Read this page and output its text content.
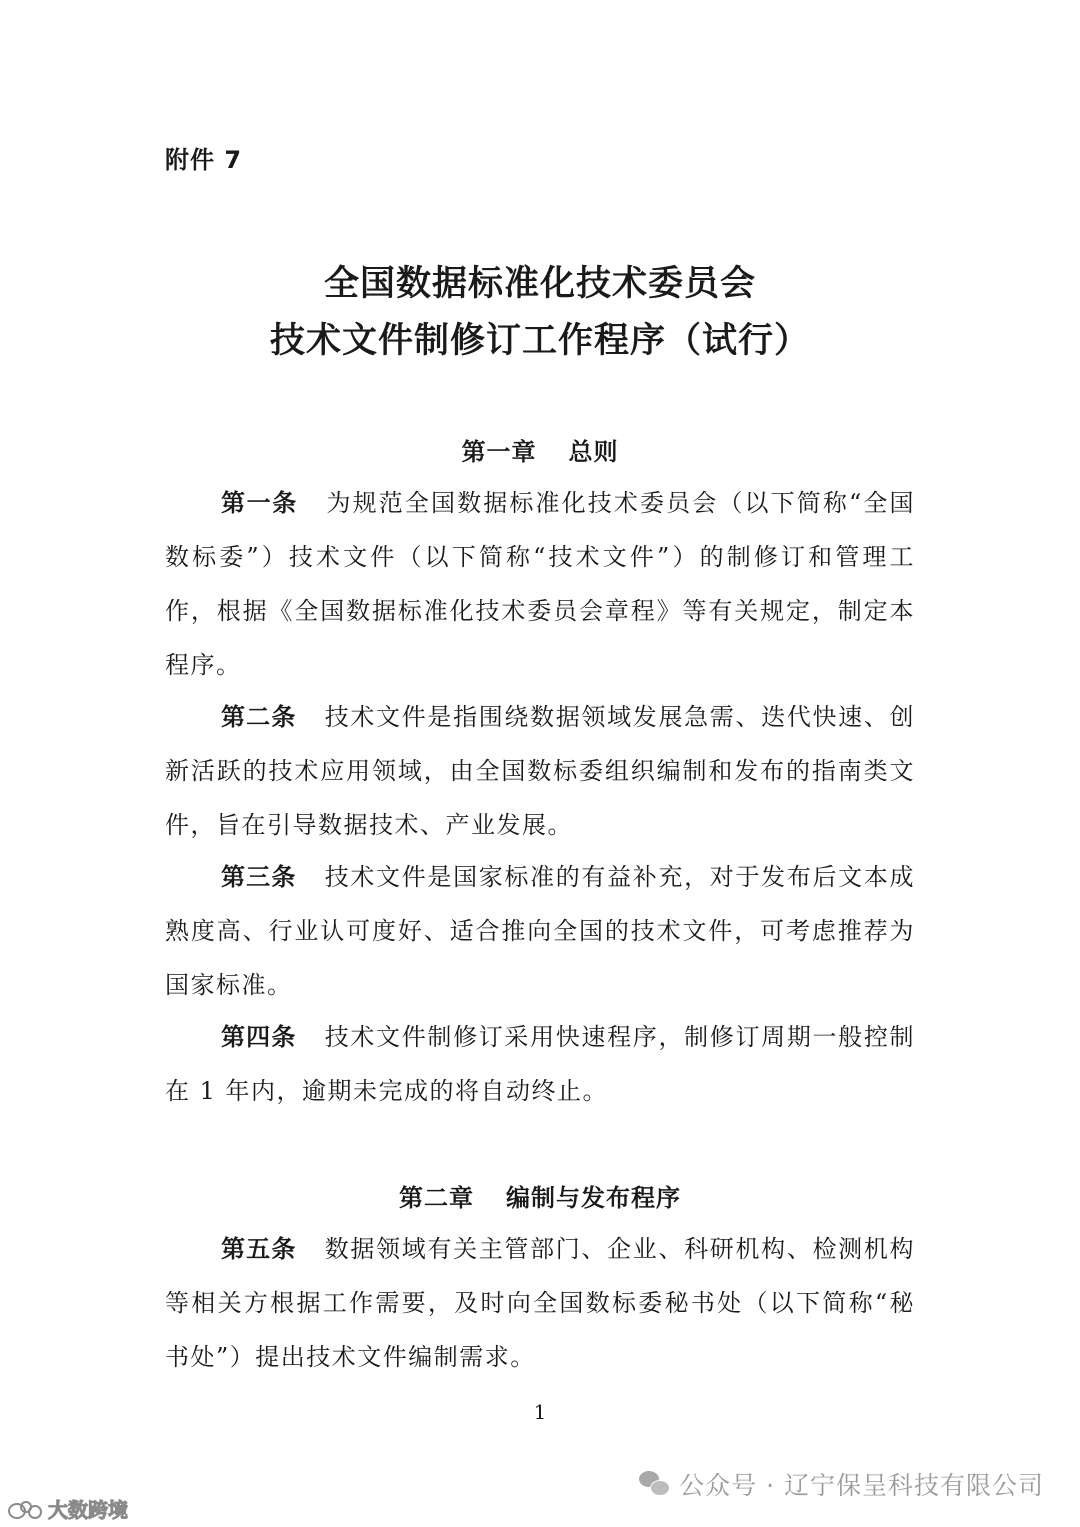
附件 7
全国数据标准化技术委员会
技术文件制修订工作程序（试行）
第一章 总则

第一条 为规范全国数据标准化技术委员会（以下简称“全国数标委”）技术文件（以下简称“技术文件”）的制修订和管理工作，根据《全国数据标准化技术委员会章程》等有关规定，制定本程序。

第二条 技术文件是指围绕数据领域发展急需、迭代快速、创新活跃的技术应用领域，由全国数标委组织编制和发布的指南类文件，旨在引导数据技术、产业发展。

第三条 技术文件是国家标准的有益补充，对于发布后文本成熟度高、行业认可度好、适合推向全国的技术文件，可考虑推荐为国家标准。

第四条 技术文件制修订采用快速程序，制修订周期一般控制在 1 年内，逾期未完成的将自动终止。

第二章 编制与发布程序

第五条 数据领域有关主管部门、企业、科研机构、检测机构等相关方根据工作需要，及时向全国数标委秘书处（以下简称“秘书处”）提出技术文件编制需求。

1
公众号 · 辽宁保呈科技有限公司
大数跨境
